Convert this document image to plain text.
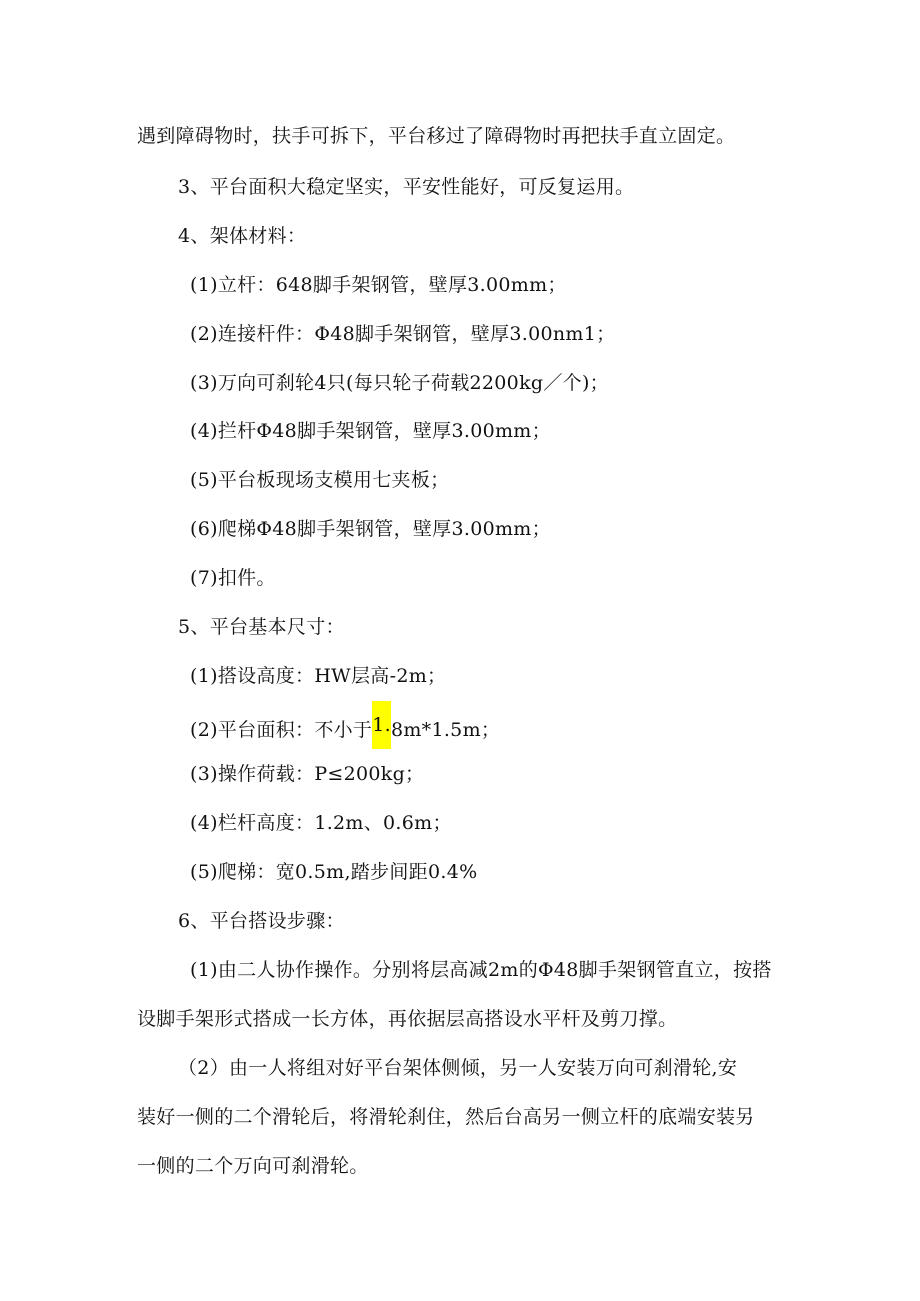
遇到障碍物时，扶手可拆下，平台移过了障碍物时再把扶手直立固定。
3、平台面积大稳定坚实，平安性能好，可反复运用。
4、架体材料：
(1)立杆：648脚手架钢管，壁厚3.00mm；
(2)连接杆件：Φ48脚手架钢管，壁厚3.00nm1；
(3)万向可刹轮4只(每只轮子荷载2200kg／个)；
(4)拦杆Φ48脚手架钢管，壁厚3.00mm；
(5)平台板现场支模用七夹板；
(6)爬梯Φ48脚手架钢管，壁厚3.00mm；
(7)扣件。
5、平台基本尺寸：
(1)搭设高度：HW层高-2m；
(2)平台面积：不小于1.8m*1.5m；
(3)操作荷载：P≤200kg；
(4)栏杆高度：1.2m、0.6m；
(5)爬梯：宽0.5m,踏步间距0.4%
6、平台搭设步骤：
(1)由二人协作操作。分别将层高减2m的Φ48脚手架钢管直立，按搭
设脚手架形式搭成一长方体，再依据层高搭设水平杆及剪刀撑。
（2）由一人将组对好平台架体侧倾，另一人安装万向可刹滑轮,安
装好一侧的二个滑轮后，将滑轮刹住，然后台高另一侧立杆的底端安装另
一侧的二个万向可刹滑轮。
